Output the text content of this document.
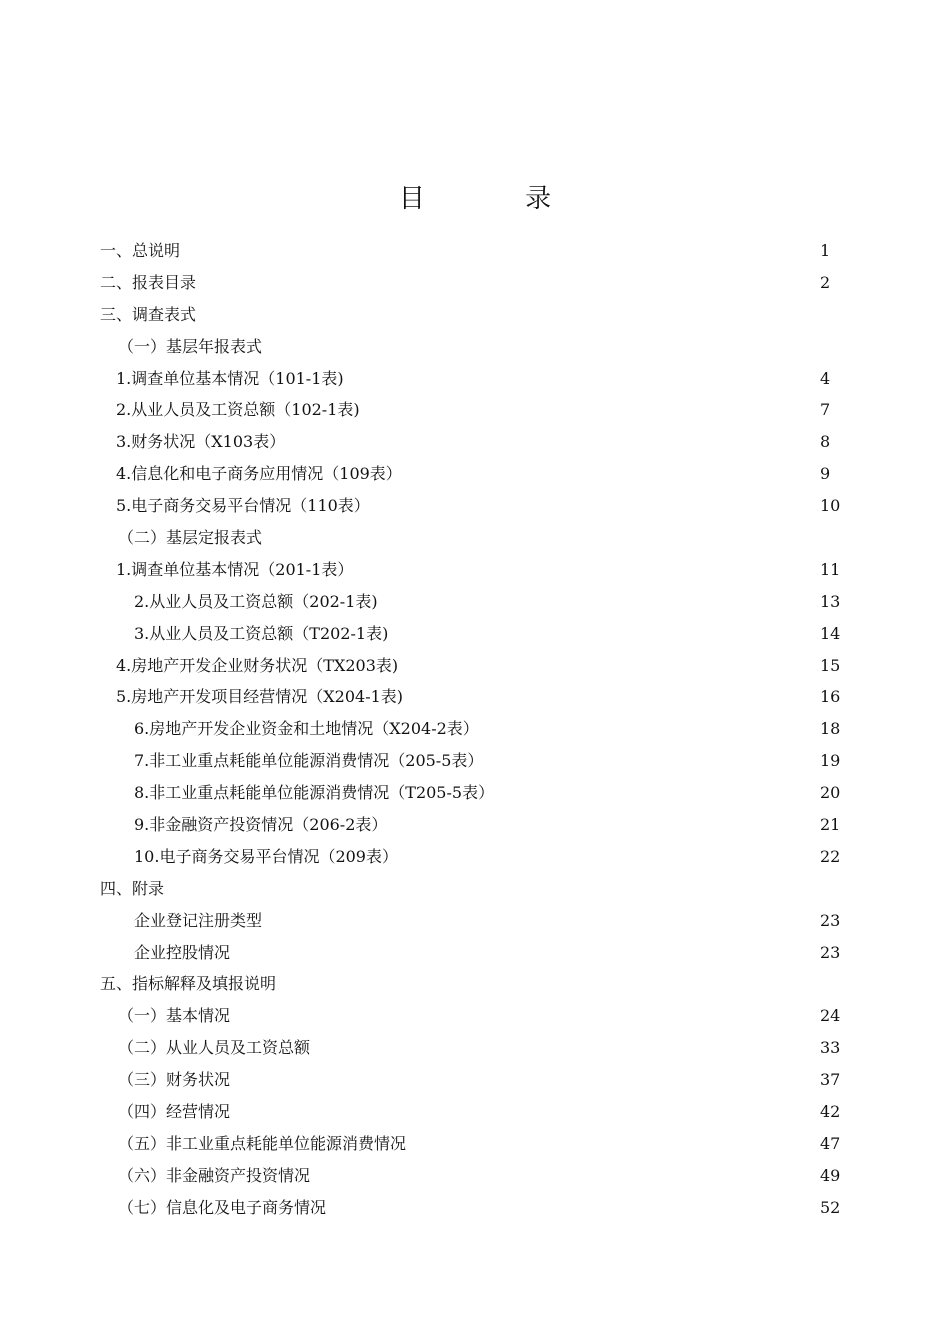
目 录
一、总说明	1
二、报表目录	2
三、调查表式
（一）基层年报表式
1.调查单位基本情况（101-1表)	4
2.从业人员及工资总额（102-1表)	7
3.财务状况（X103表）	8
4.信息化和电子商务应用情况（109表）	9
5.电子商务交易平台情况（110表）	10
（二）基层定报表式
1.调查单位基本情况（201-1表）	11
2.从业人员及工资总额（202-1表)	13
3.从业人员及工资总额（T202-1表)	14
4.房地产开发企业财务状况（TX203表)	15
5.房地产开发项目经营情况（X204-1表)	16
6.房地产开发企业资金和土地情况（X204-2表）	18
7.非工业重点耗能单位能源消费情况（205-5表）	19
8.非工业重点耗能单位能源消费情况（T205-5表）	20
9.非金融资产投资情况（206-2表）	21
10.电子商务交易平台情况（209表）	22
四、附录
企业登记注册类型	23
企业控股情况	23
五、指标解释及填报说明
（一）基本情况	24
（二）从业人员及工资总额	33
（三）财务状况	37
（四）经营情况	42
（五）非工业重点耗能单位能源消费情况	47
（六）非金融资产投资情况	49
（七）信息化及电子商务情况	52
